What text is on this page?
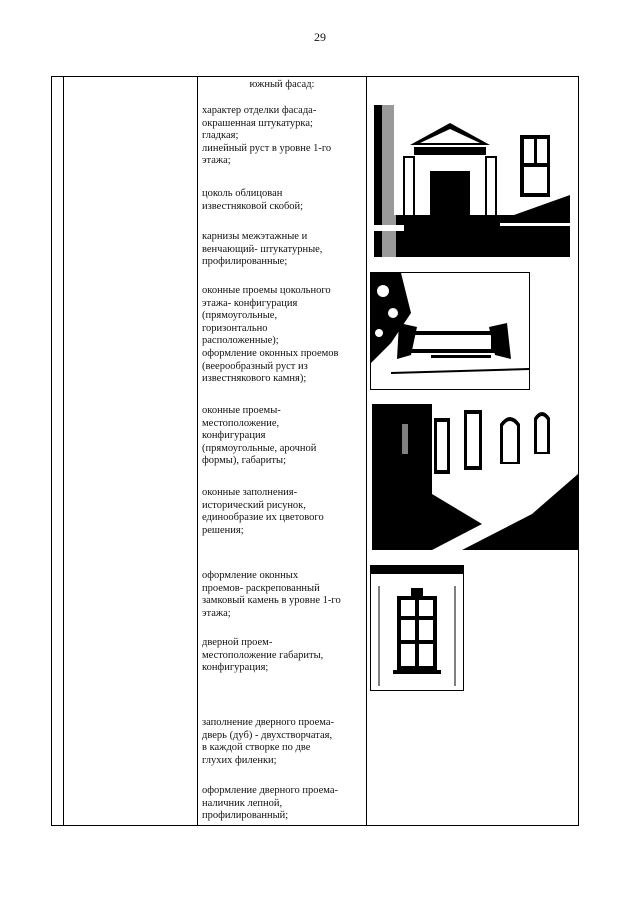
29
южный фасад:
характер отделки фасада-
окрашенная штукатурка;
гладкая;
линейный руст в уровне 1-го
этажа;
цоколь облицован
известняковой скобой;
карнизы межэтажные и
венчающий- штукатурные,
профилированные;
оконные проемы цокольного
этажа- конфигурация
(прямоугольные,
горизонтально
расположенные);
оформление оконных проемов
(веерообразный руст из
известнякового камня);
оконные проемы-
местоположение,
конфигурация
(прямоугольные, арочной
формы), габариты;
оконные заполнения-
исторический рисунок,
единообразие их цветового
решения;
оформление оконных
проемов- раскрепованный
замковый камень в уровне 1-го
этажа;
дверной проем-
местоположение габариты,
конфигурация;
заполнение дверного проема-
дверь (дуб) - двухстворчатая,
в каждой створке по две
глухих филенки;
оформление дверного проема-
наличник лепной,
профилированный;
